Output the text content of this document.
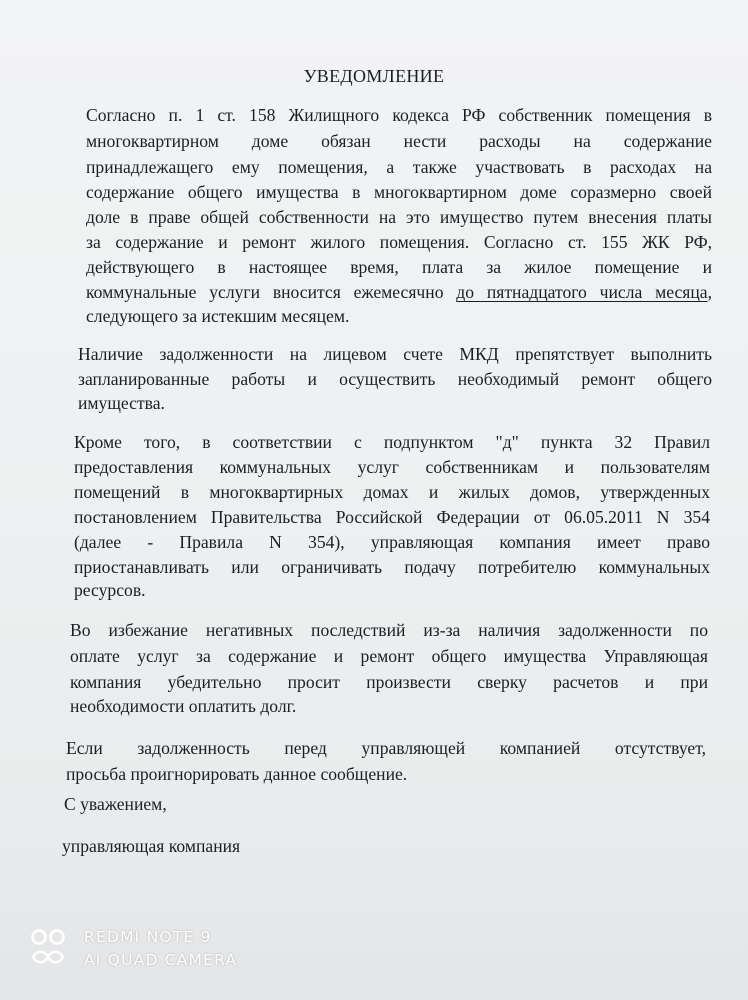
УВЕДОМЛЕНИЕ
Согласно п. 1 ст. 158 Жилищного кодекса РФ собственник помещения в
многоквартирном доме обязан нести расходы на содержание
принадлежащего ему помещения, а также участвовать в расходах на
содержание общего имущества в многоквартирном доме соразмерно своей
доле в праве общей собственности на это имущество путем внесения платы
за содержание и ремонт жилого помещения. Согласно ст. 155 ЖК РФ,
действующего в настоящее время, плата за жилое помещение и
коммунальные услуги вносится ежемесячно до пятнадцатого числа месяца,
следующего за истекшим месяцем.
Наличие задолженности на лицевом счете МКД препятствует выполнить
запланированные работы и осуществить необходимый ремонт общего
имущества.
Кроме того, в соответствии с подпунктом "д" пункта 32 Правил
предоставления коммунальных услуг собственникам и пользователям
помещений в многоквартирных домах и жилых домов, утвержденных
постановлением Правительства Российской Федерации от 06.05.2011 N 354
(далее - Правила N 354), управляющая компания имеет право
приостанавливать или ограничивать подачу потребителю коммунальных
ресурсов.
Во избежание негативных последствий из-за наличия задолженности по
оплате услуг за содержание и ремонт общего имущества Управляющая
компания убедительно просит произвести сверку расчетов и при
необходимости оплатить долг.
Если задолженность перед управляющей компанией отсутствует,
просьба проигнорировать данное сообщение.
С уважением,
управляющая компания
REDMI NOTE 9
AI QUAD CAMERA
